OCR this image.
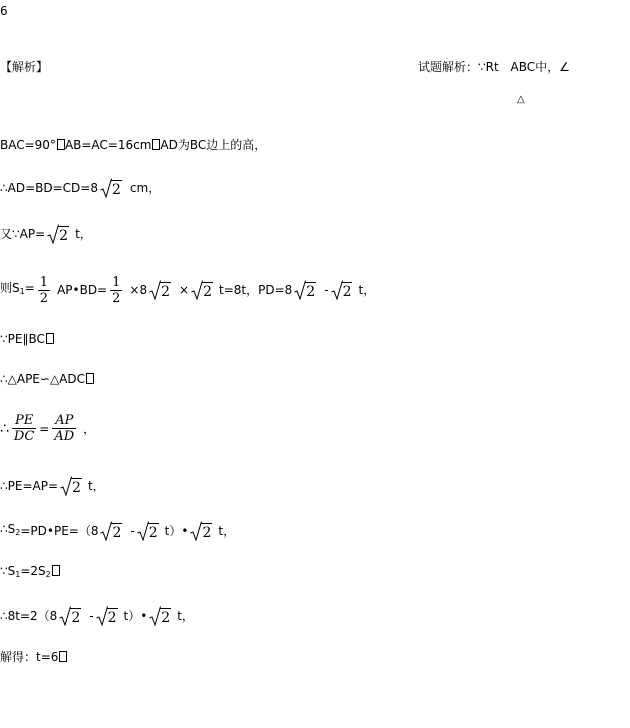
6
【解析】	试题解析：∵Rt ABC中，∠
△
BAC=90° AB=AC=16cm AD为BC边上的高，
∴AD=BD=CD=8 2 cm，
又∵AP= 2 t，
则$S_1= \frac{1}{2}$ AP•BD= $\frac{1}{2} \times 8$ 2 × 2 t=8t，PD=8 2 - 2 t，
∵PE∥BC
∴△APE∽△ADC
∴ $\frac{PE}{DC} = \frac{AP}{AD}$ ，
∴PE=AP= 2 t，
$\therefore S_2=PD•PE=(8$ 2 - 2 t）• 2 t，
$\because S_1=2S_2$
∴8t=2（8 2 - 2 t）• 2 t，
解得：t=6
